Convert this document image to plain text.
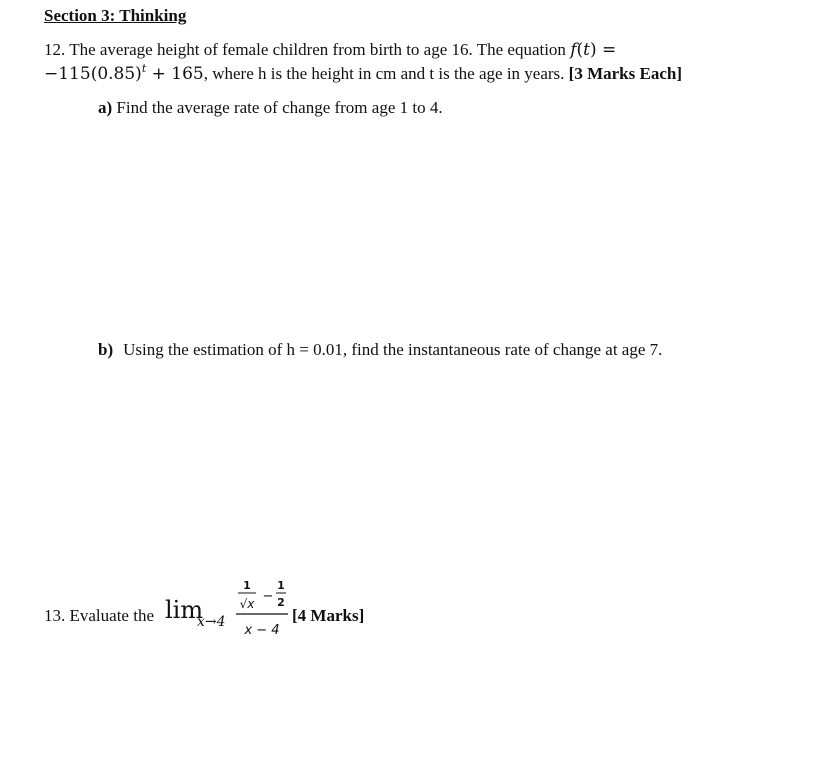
Section 3: Thinking
12. The average height of female children from birth to age 16. The equation f(t) =
$-115(0.85)^t + 165$, where h is the height in cm and t is the age in years. [3 Marks Each]
a) Find the average rate of change from age 1 to 4.
b) Using the estimation of h = 0.01, find the instantaneous rate of change at age 7.
13. Evaluate the lim
x→4
1
√x −
1
2
x − 4
[4 Marks]
